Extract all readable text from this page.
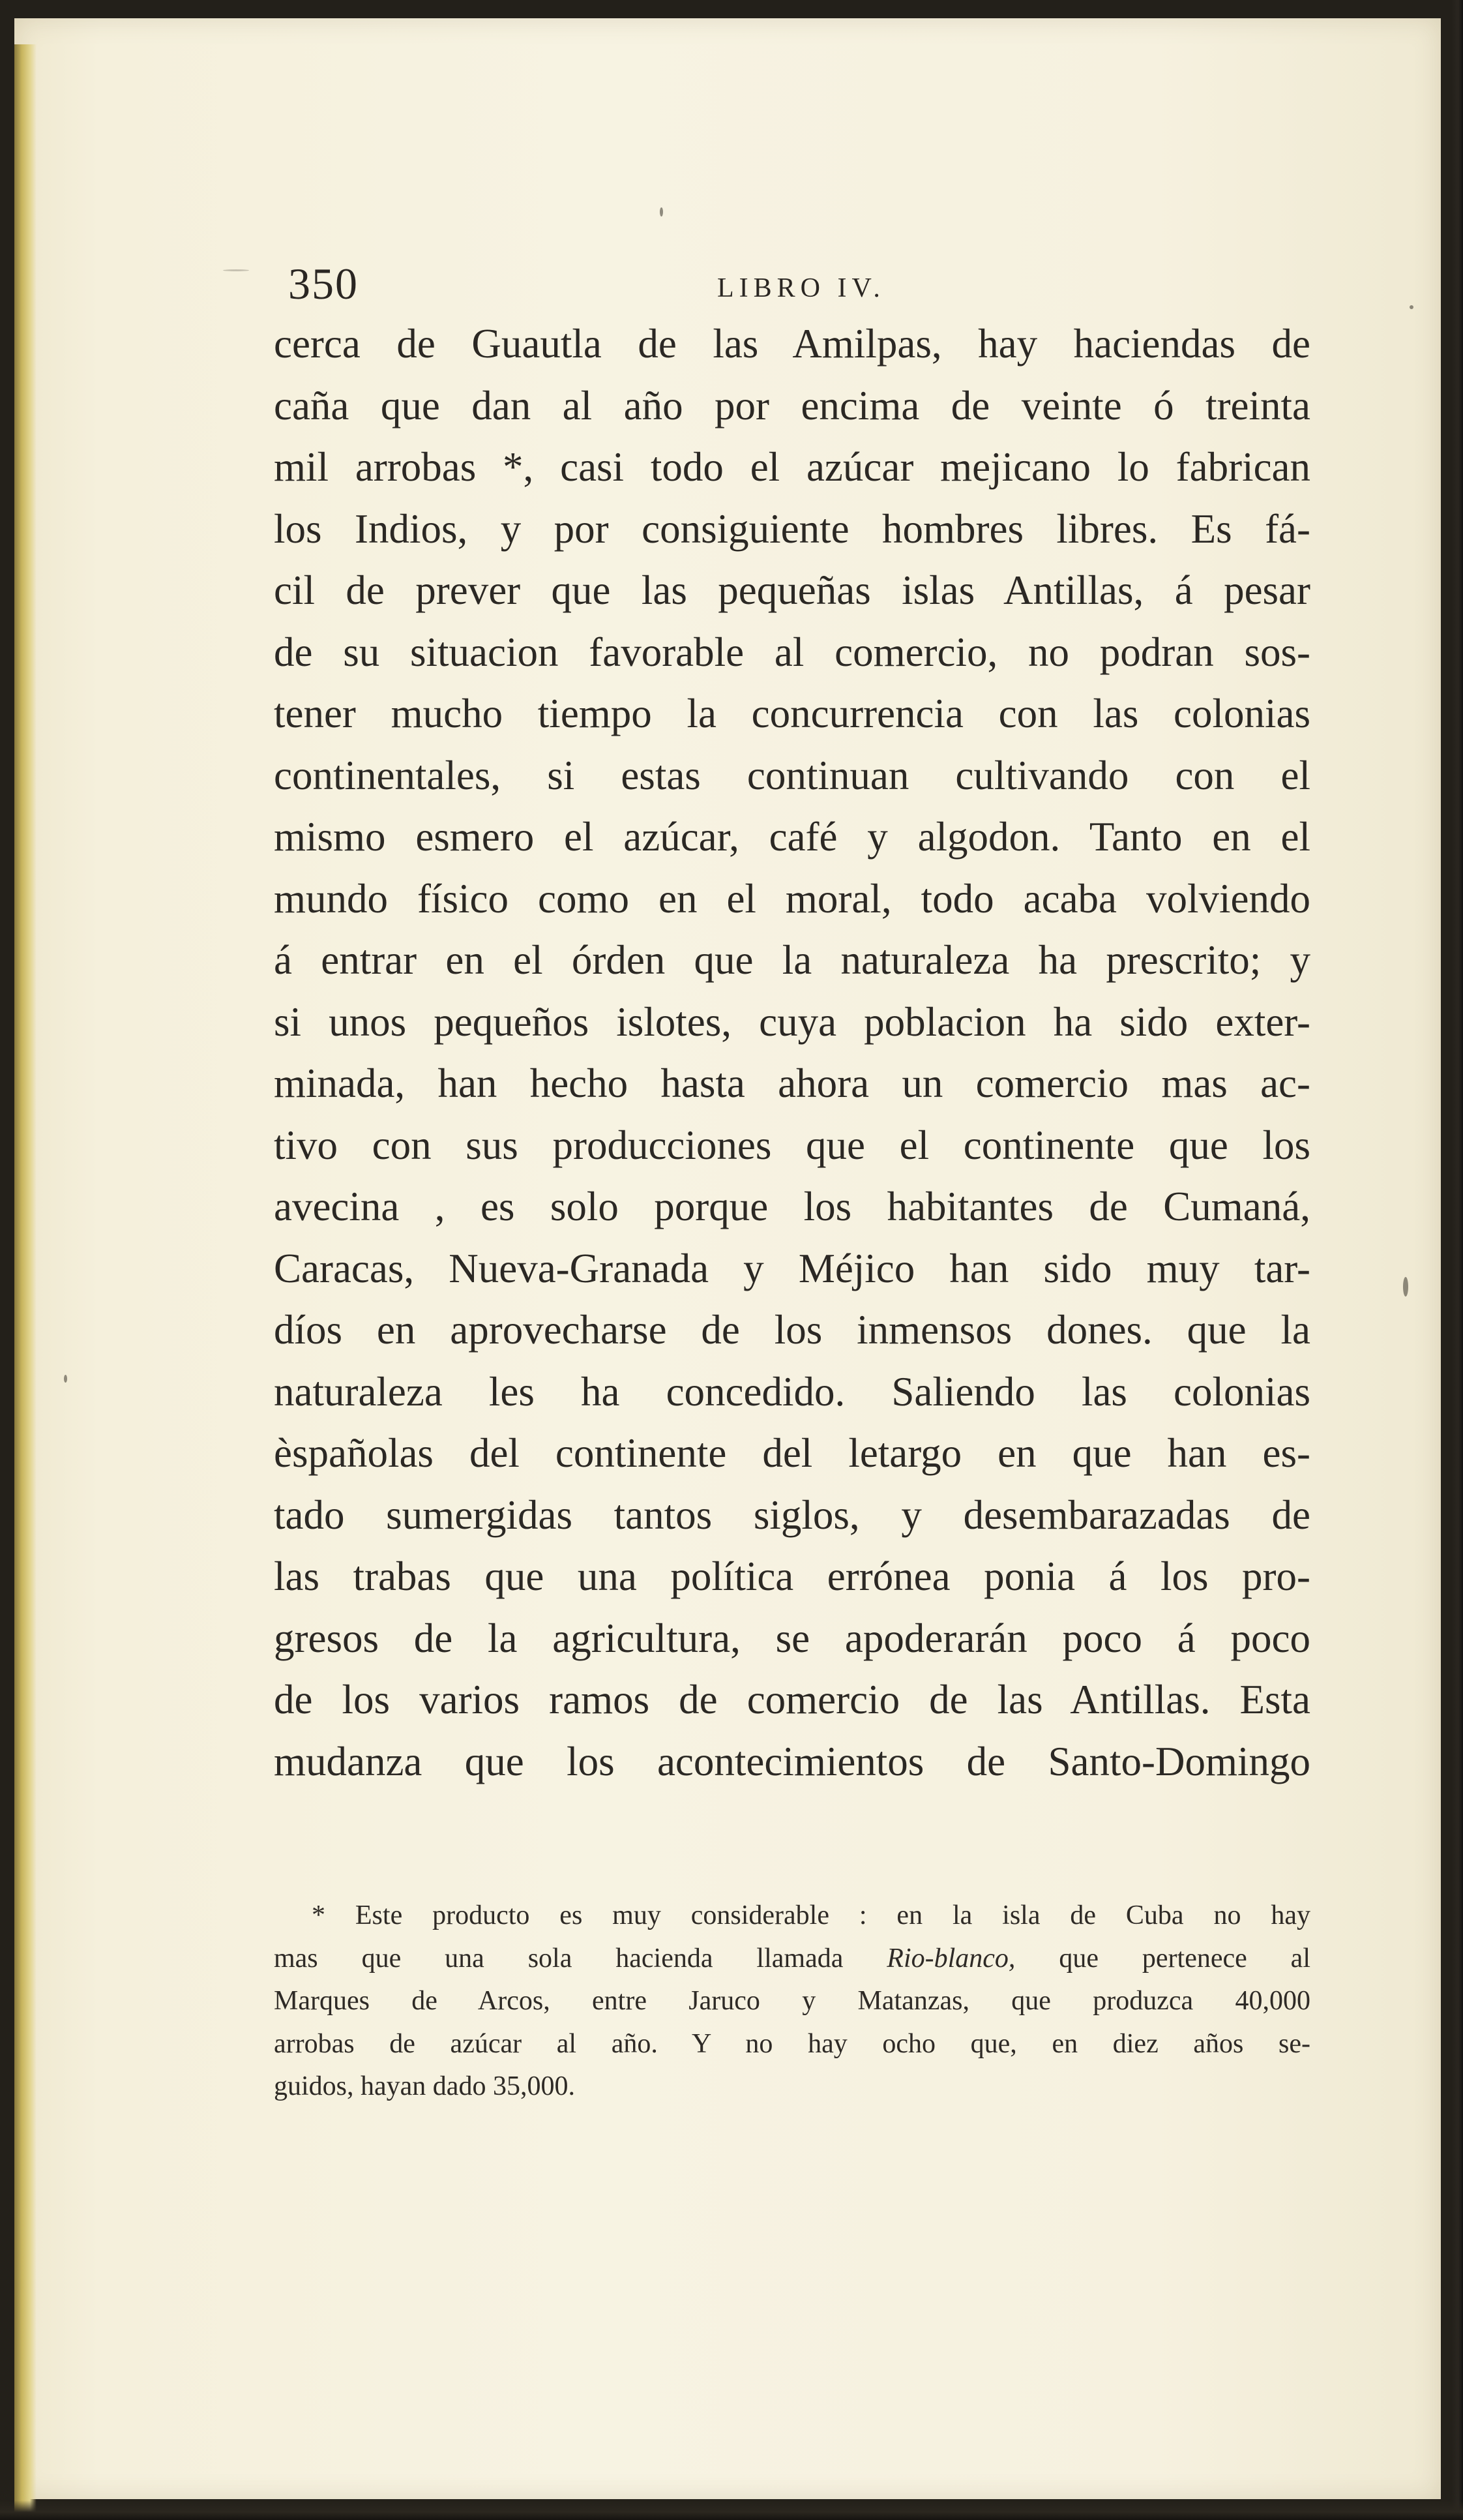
350	LIBRO IV.
cerca de Guautla de las Amilpas, hay haciendas de
caña que dan al año por encima de veinte ó treinta
mil arrobas *, casi todo el azúcar mejicano lo fabrican
los Indios, y por consiguiente hombres libres. Es fá-
cil de prever que las pequeñas islas Antillas, á pesar
de su situacion favorable al comercio, no podran sos-
tener mucho tiempo la concurrencia con las colonias
continentales, si estas continuan cultivando con el
mismo esmero el azúcar, café y algodon. Tanto en el
mundo físico como en el moral, todo acaba volviendo
á entrar en el órden que la naturaleza ha prescrito; y
si unos pequeños islotes, cuya poblacion ha sido exter-
minada, han hecho hasta ahora un comercio mas ac-
tivo con sus producciones que el continente que los
avecina , es solo porque los habitantes de Cumaná,
Caracas, Nueva-Granada y Méjico han sido muy tar-
díos en aprovecharse de los inmensos dones. que la
naturaleza les ha concedido. Saliendo las colonias
èspañolas del continente del letargo en que han es-
tado sumergidas tantos siglos, y desembarazadas de
las trabas que una política errónea ponia á los pro-
gresos de la agricultura, se apoderarán poco á poco
de los varios ramos de comercio de las Antillas. Esta
mudanza que los acontecimientos de Santo-Domingo
* Este producto es muy considerable : en la isla de Cuba no hay
mas que una sola hacienda llamada Rio-blanco, que pertenece al
Marques de Arcos, entre Jaruco y Matanzas, que produzca 40,000
arrobas de azúcar al año. Y no hay ocho que, en diez años se-
guidos, hayan dado 35,000.
